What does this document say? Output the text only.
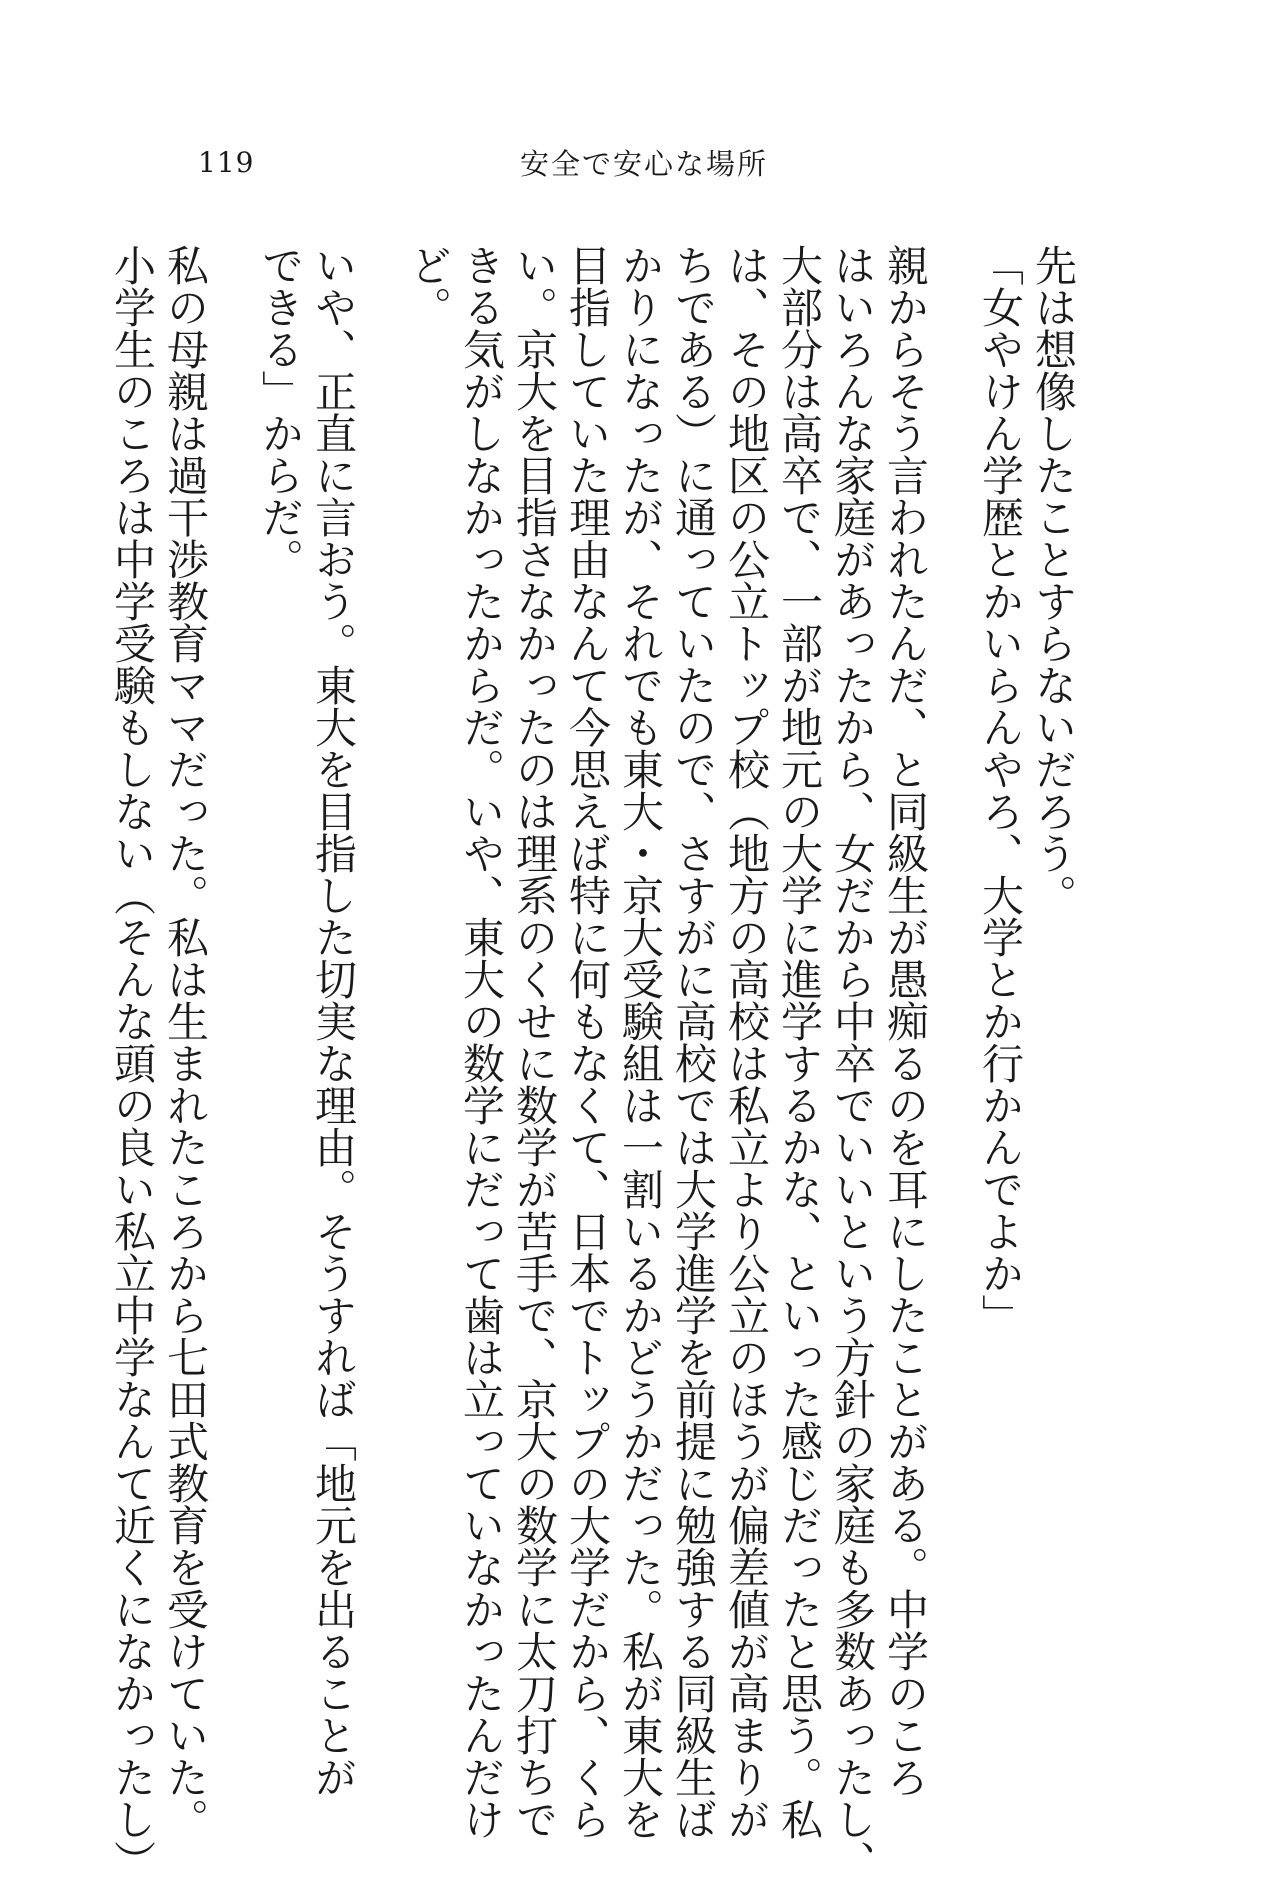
119	安全で安心な場所
先は想像したことすらないだろう。
「女やけん学歴とかいらんやろ、大学とか行かんでよか」
親からそう言われたんだ、と同級生が愚痴るのを耳にしたことがある。中学のころ
はいろんな家庭があったから、女だから中卒でいいという方針の家庭も多数あったし、
大部分は高卒で、一部が地元の大学に進学するかな、といった感じだったと思う。私
は、その地区の公立トップ校（地方の高校は私立より公立のほうが偏差値が高まりが
ちである）に通っていたので、さすがに高校では大学進学を前提に勉強する同級生ば
かりになったが、それでも東大・京大受験組は一割いるかどうかだった。私が東大を
目指していた理由なんて今思えば特に何もなくて、日本でトップの大学だから、くら
い。京大を目指さなかったのは理系のくせに数学が苦手で、京大の数学に太刀打ちで
きる気がしなかったからだ。いや、東大の数学にだって歯は立っていなかったんだけ
ど。
いや、正直に言おう。東大を目指した切実な理由。そうすれば「地元を出ることが
できる」からだ。
私の母親は過干渉教育ママだった。私は生まれたころから七田式教育を受けていた。
小学生のころは中学受験もしない（そんな頭の良い私立中学なんて近くになかったし）
